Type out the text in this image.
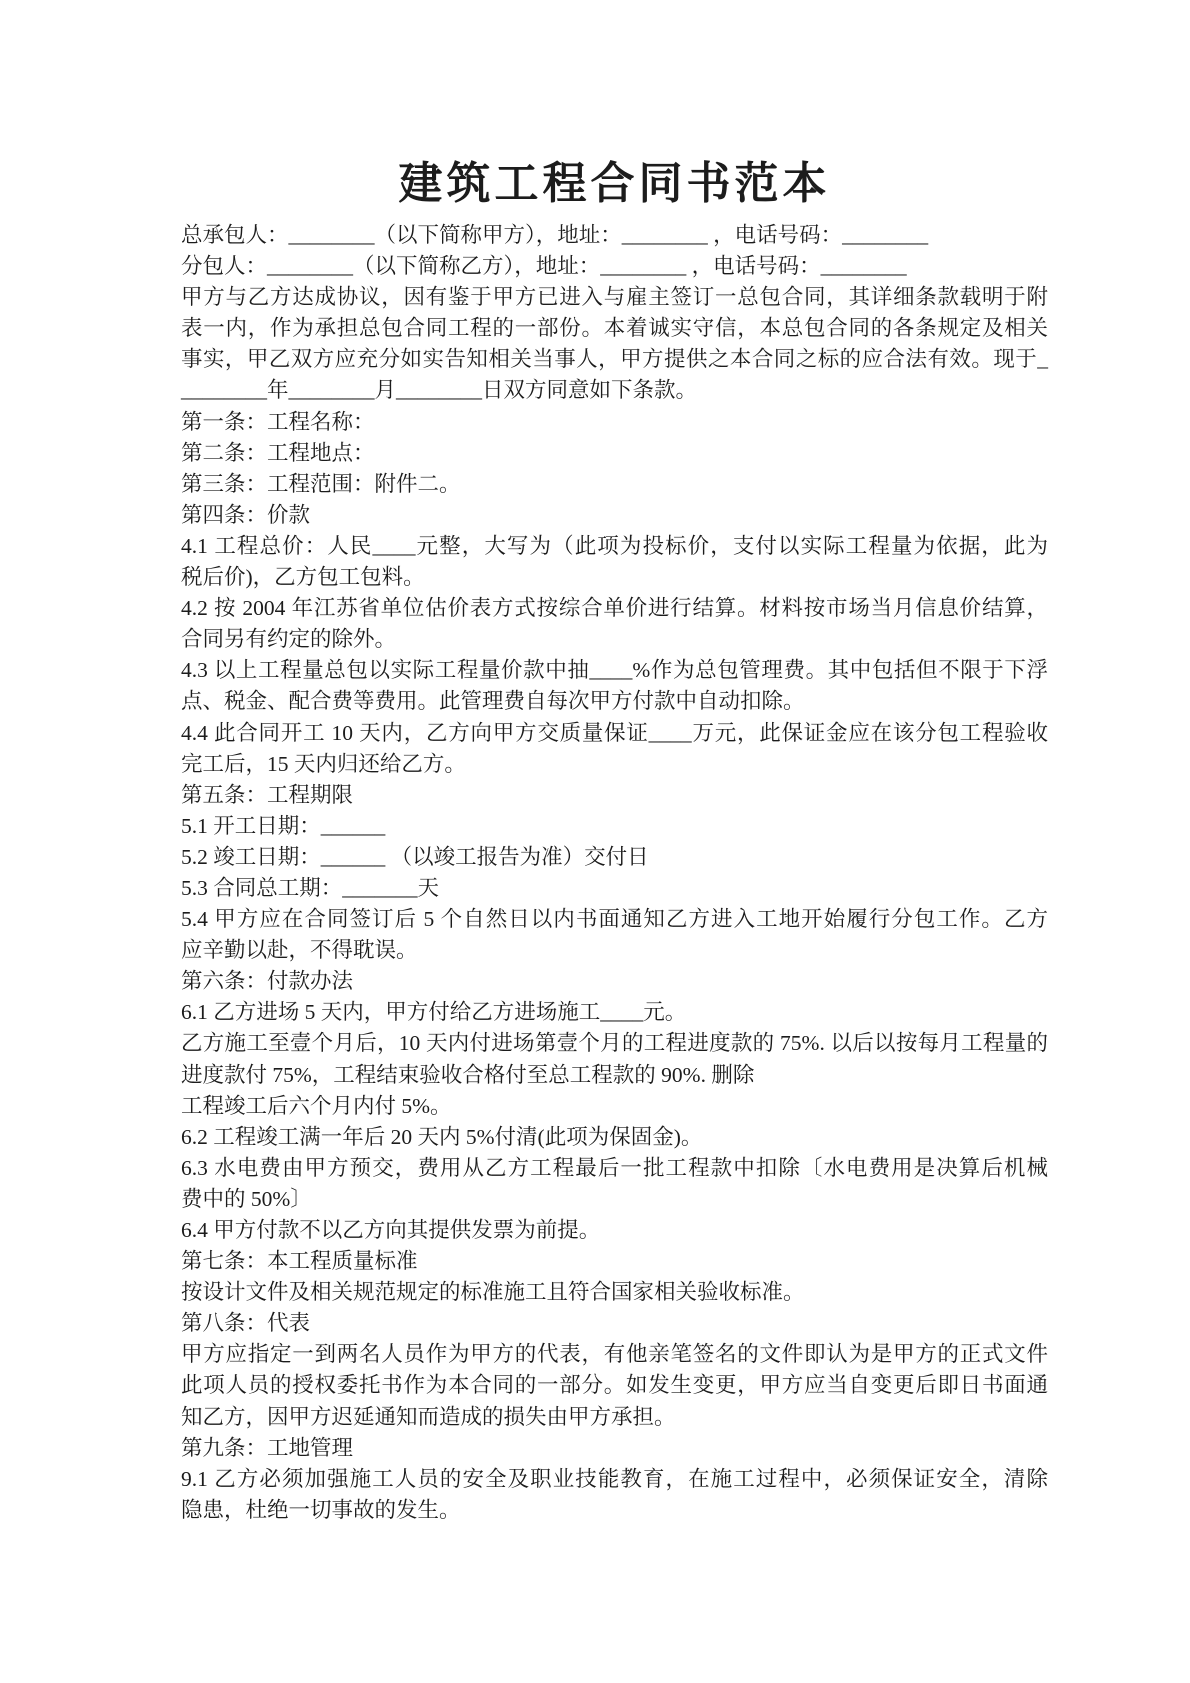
建筑工程合同书范本
总承包人：________（以下简称甲方），地址：________ ，电话号码：________
分包人：________（以下简称乙方），地址：________ ，电话号码：________
甲方与乙方达成协议，因有鉴于甲方已进入与雇主签订一总包合同，其详细条款载明于附
表一内，作为承担总包合同工程的一部份。本着诚实守信，本总包合同的各条规定及相关
事实，甲乙双方应充分如实告知相关当事人，甲方提供之本合同之标的应合法有效。现于_
________年________月________日双方同意如下条款。
第一条：工程名称：
第二条：工程地点：
第三条：工程范围：附件二。
第四条：价款
4.1 工程总价：人民____元整，大写为（此项为投标价，支付以实际工程量为依据，此为
税后价)，乙方包工包料。
4.2 按 2004 年江苏省单位估价表方式按综合单价进行结算。材料按市场当月信息价结算，
合同另有约定的除外。
4.3 以上工程量总包以实际工程量价款中抽____%作为总包管理费。其中包括但不限于下浮
点、税金、配合费等费用。此管理费自每次甲方付款中自动扣除。
4.4 此合同开工 10 天内，乙方向甲方交质量保证____万元，此保证金应在该分包工程验收
完工后，15 天内归还给乙方。
第五条：工程期限
5.1 开工日期：______
5.2 竣工日期：______ （以竣工报告为准）交付日
5.3 合同总工期：_______天
5.4 甲方应在合同签订后 5 个自然日以内书面通知乙方进入工地开始履行分包工作。乙方
应辛勤以赴，不得耽误。
第六条：付款办法
6.1 乙方进场 5 天内，甲方付给乙方进场施工____元。
乙方施工至壹个月后，10 天内付进场第壹个月的工程进度款的 75%. 以后以按每月工程量的
进度款付 75%，工程结束验收合格付至总工程款的 90%. 删除
工程竣工后六个月内付 5%。
6.2 工程竣工满一年后 20 天内 5%付清(此项为保固金)。
6.3 水电费由甲方预交，费用从乙方工程最后一批工程款中扣除〔水电费用是决算后机械
费中的 50%〕
6.4 甲方付款不以乙方向其提供发票为前提。
第七条：本工程质量标准
按设计文件及相关规范规定的标准施工且符合国家相关验收标准。
第八条：代表
甲方应指定一到两名人员作为甲方的代表，有他亲笔签名的文件即认为是甲方的正式文件
此项人员的授权委托书作为本合同的一部分。如发生变更，甲方应当自变更后即日书面通
知乙方，因甲方迟延通知而造成的损失由甲方承担。
第九条：工地管理
9.1 乙方必须加强施工人员的安全及职业技能教育，在施工过程中，必须保证安全，清除
隐患，杜绝一切事故的发生。
